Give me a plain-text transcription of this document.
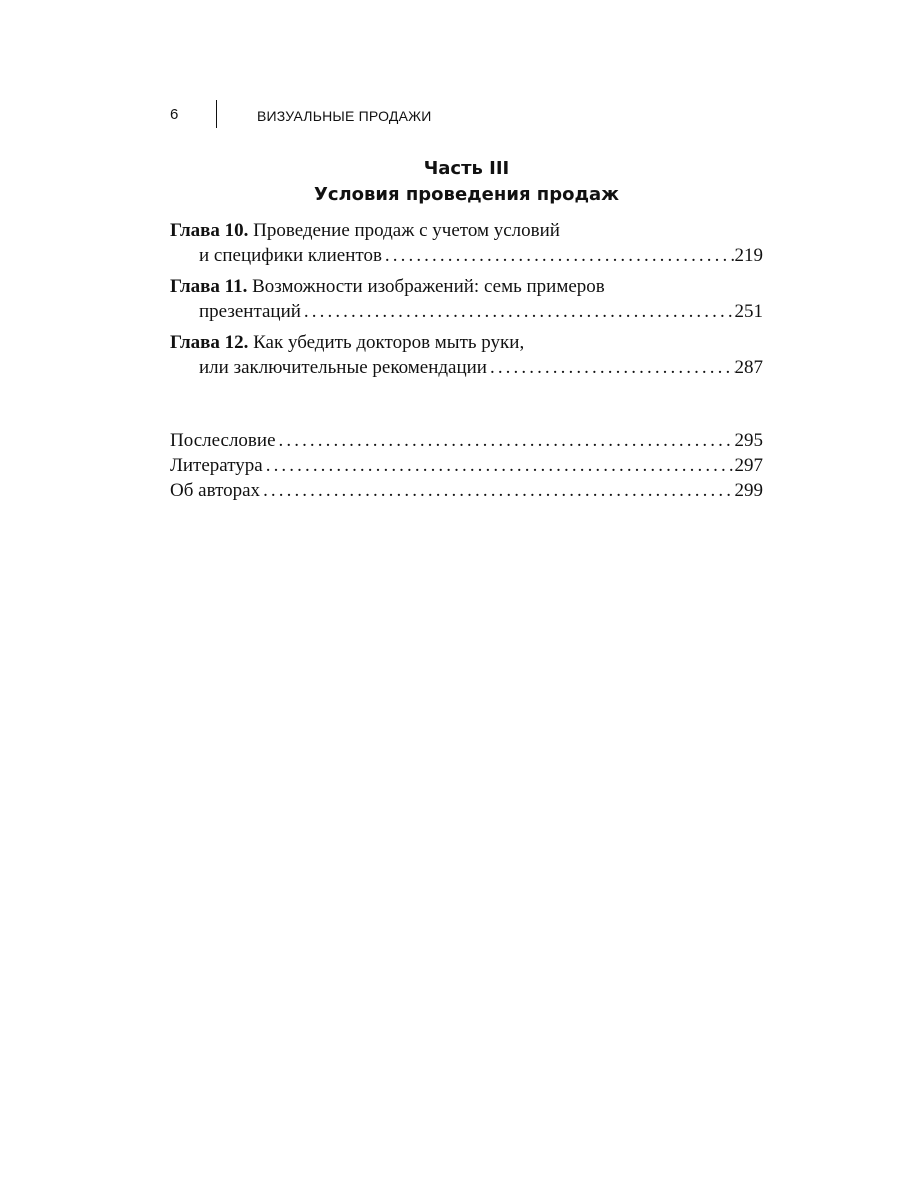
6	ВИЗУАЛЬНЫЕ ПРОДАЖИ
Часть III
Условия проведения продаж
Глава 10. Проведение продаж с учетом условий
и специфики клиентов .....	219
Глава 11. Возможности изображений: семь примеров
презентаций .....	251
Глава 12. Как убедить докторов мыть руки,
или заключительные рекомендации .....	287
Послесловие .....	295
Литература .....	297
Об авторах .....	299
